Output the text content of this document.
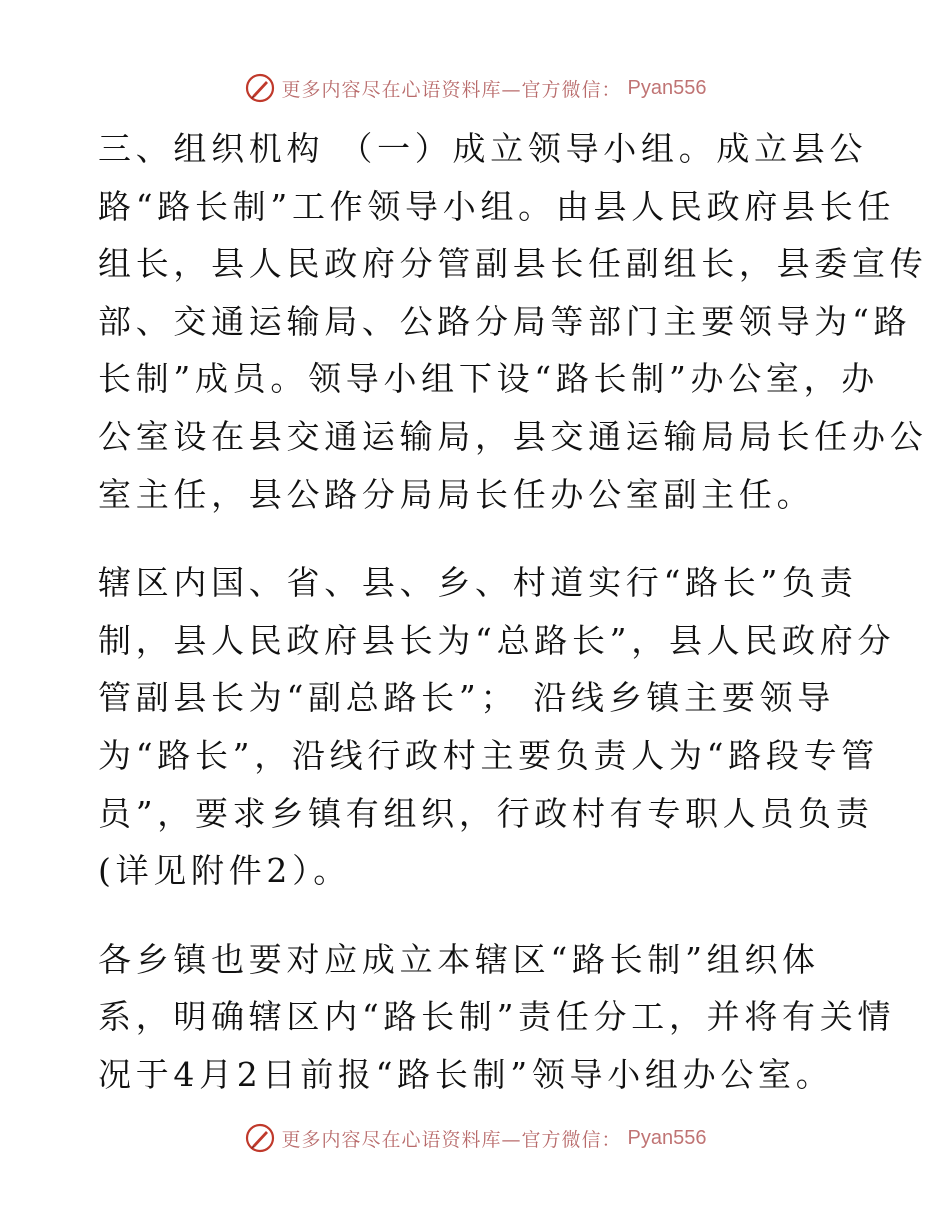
更多内容尽在心语资料库—官方微信： Pyan556

三、组织机构 （一）成立领导小组。成立县公
路“路长制”工作领导小组。由县人民政府县长任
组长，县人民政府分管副县长任副组长，县委宣传
部、交通运输局、公路分局等部门主要领导为“路
长制”成员。领导小组下设“路长制”办公室，办
公室设在县交通运输局，县交通运输局局长任办公
室主任，县公路分局局长任办公室副主任。

辖区内国、省、县、乡、村道实行“路长”负责
制，县人民政府县长为“总路长”，县人民政府分
管副县长为“副总路长”； 沿线乡镇主要领导
为“路长”，沿线行政村主要负责人为“路段专管
员”，要求乡镇有组织，行政村有专职人员负责
(详见附件2）。

各乡镇也要对应成立本辖区“路长制”组织体
系，明确辖区内“路长制”责任分工，并将有关情
况于4月2日前报“路长制”领导小组办公室。

更多内容尽在心语资料库—官方微信： Pyan556
